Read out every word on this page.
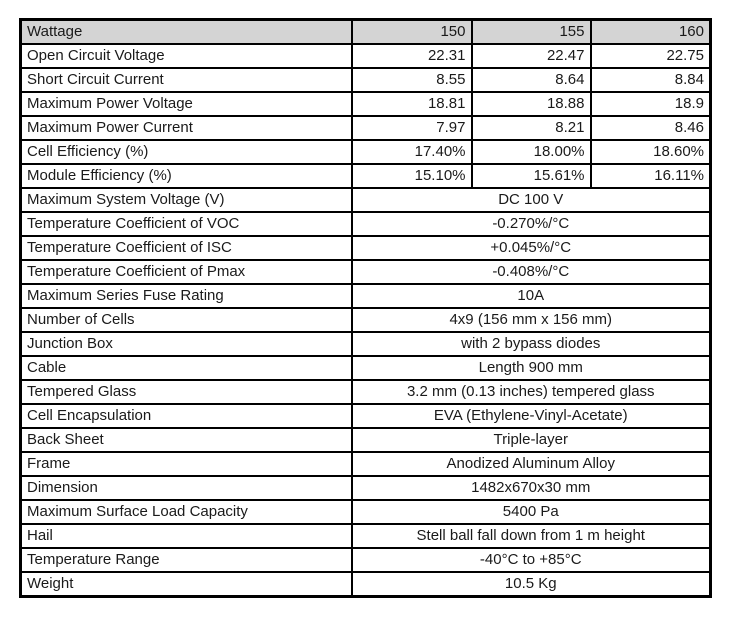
Wattage	150	155	160
Open Circuit Voltage	22.31	22.47	22.75
Short Circuit Current	8.55	8.64	8.84
Maximum Power Voltage	18.81	18.88	18.9
Maximum Power Current	7.97	8.21	8.46
Cell Efficiency (%)	17.40%	18.00%	18.60%
Module Efficiency (%)	15.10%	15.61%	16.11%
Maximum System Voltage (V)	DC 100 V		
Temperature Coefficient of VOC	-0.270%/°C		
Temperature Coefficient of ISC	+0.045%/°C		
Temperature Coefficient of Pmax	-0.408%/°C		
Maximum Series Fuse Rating	10A		
Number of Cells	4x9 (156 mm x 156 mm)		
Junction Box	with 2 bypass diodes		
Cable	Length 900 mm		
Tempered Glass	3.2 mm (0.13 inches) tempered glass		
Cell Encapsulation	EVA (Ethylene-Vinyl-Acetate)		
Back Sheet	Triple-layer		
Frame	Anodized Aluminum Alloy		
Dimension	1482x670x30 mm		
Maximum Surface Load Capacity	5400 Pa		
Hail	Stell ball fall down from 1 m height		
Temperature Range	-40°C to +85°C		
Weight	10.5 Kg		
